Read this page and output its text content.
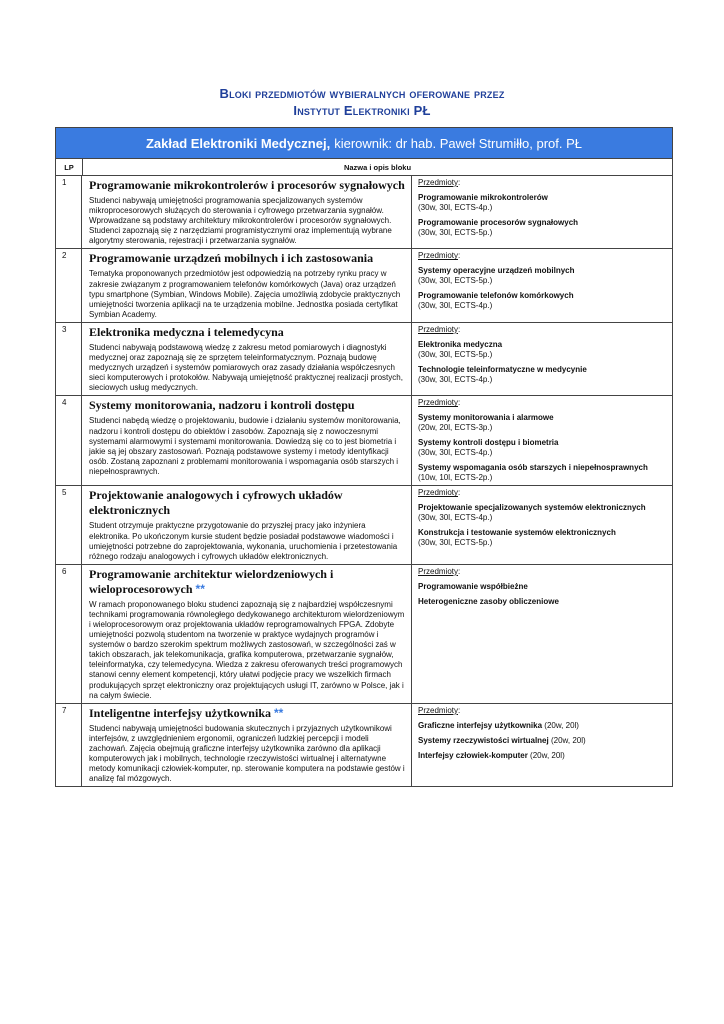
Bloki przedmiotów wybieralnych oferowane przez
Instytut Elektroniki PŁ
Zakład Elektroniki Medycznej, kierownik: dr hab. Paweł Strumiłło, prof. PŁ
LP	Nazwa i opis bloku
1	Programowanie mikrokontrolerów i procesorów sygnałowych
Studenci nabywają umiejętności programowania specjalizowanych systemów mikroprocesorowych służących do sterowania i cyfrowego przetwarzania sygnałów. Wprowadzane są podstawy architektury mikrokontrolerów i procesorów sygnałowych. Studenci zapoznają się z narzędziami programistycznymi oraz implementują wybrane algorytmy sterowania, rejestracji i przetwarzania sygnałów.
Przedmioty:
Programowanie mikrokontrolerów
(30w, 30l, ECTS-4p.)
Programowanie procesorów sygnałowych
(30w, 30l, ECTS-5p.)
2	Programowanie urządzeń mobilnych i ich zastosowania
Tematyka proponowanych przedmiotów jest odpowiedzią na potrzeby rynku pracy w zakresie związanym z programowaniem telefonów komórkowych (Java) oraz urządzeń typu smartphone (Symbian, Windows Mobile). Zajęcia umożliwią zdobycie praktycznych umiejętności tworzenia aplikacji na te urządzenia mobilne. Jednostka posiada certyfikat Symbian Academy.
Przedmioty:
Systemy operacyjne urządzeń mobilnych
(30w, 30l, ECTS-5p.)
Programowanie telefonów komórkowych
(30w, 30l, ECTS-4p.)
3	Elektronika medyczna i telemedycyna
Studenci nabywają podstawową wiedzę z zakresu metod pomiarowych i diagnostyki medycznej oraz zapoznają się ze sprzętem teleinformatycznym. Poznają budowę medycznych urządzeń i systemów pomiarowych oraz zasady działania współczesnych sieci komputerowych i protokołów. Nabywają umiejętność praktycznej realizacji prostych, sieciowych usług medycznych.
Przedmioty:
Elektronika medyczna
(30w, 30l, ECTS-5p.)
Technologie teleinformatyczne w medycynie
(30w, 30l, ECTS-4p.)
4	Systemy monitorowania, nadzoru i kontroli dostępu
Studenci nabędą wiedzę o projektowaniu, budowie i działaniu systemów monitorowania, nadzoru i kontroli dostępu do obiektów i zasobów. Zapoznają się z nowoczesnymi systemami alarmowymi i systemami monitorowania. Dowiedzą się co to jest biometria i jakie są jej obszary zastosowań. Poznają podstawowe systemy i metody identyfikacji osób. Zostaną zapoznani z problemami monitorowania i wspomagania osób starszych i niepełnosprawnych.
Przedmioty:
Systemy monitorowania i alarmowe
(20w, 20l, ECTS-3p.)
Systemy kontroli dostępu i biometria
(30w, 30l, ECTS-4p.)
Systemy wspomagania osób starszych i niepełnosprawnych
(10w, 10l, ECTS-2p.)
5	Projektowanie analogowych i cyfrowych układów elektronicznych
Student otrzymuje praktyczne przygotowanie do przyszłej pracy jako inżyniera elektronika. Po ukończonym kursie student będzie posiadał podstawowe wiadomości i umiejętności potrzebne do zaprojektowania, wykonania, uruchomienia i przetestowania różnego rodzaju analogowych i cyfrowych układów elektronicznych.
Przedmioty:
Projektowanie specjalizowanych systemów elektronicznych
(30w, 30l, ECTS-4p.)
Konstrukcja i testowanie systemów elektronicznych
(30w, 30l, ECTS-5p.)
6	Programowanie architektur wielordzeniowych i wieloprocesorowych **
W ramach proponowanego bloku studenci zapoznają się z najbardziej współczesnymi technikami programowania równoległego dedykowanego architekturom wielordzeniowym i wieloprocesorowym oraz projektowania układów reprogramowalnych FPGA. Zdobyte umiejętności pozwolą studentom na tworzenie w praktyce wydajnych programów i systemów o bardzo szerokim spektrum możliwych zastosowań, w szczególności zaś w takich obszarach, jak telekomunikacja, grafika komputerowa, przetwarzanie sygnałów, teleinformatyka, czy telemedycyna. Wiedza z zakresu oferowanych treści programowych stanowi cenny element kompetencji, który ułatwi podjęcie pracy we wszelkich firmach produkujących sprzęt elektroniczny oraz projektujących usługi IT, zarówno w Polsce, jak i na całym świecie.
Przedmioty:
Programowanie współbieżne
Heterogeniczne zasoby obliczeniowe
7	Inteligentne interfejsy użytkownika **
Studenci nabywają umiejętności budowania skutecznych i przyjaznych użytkownikowi interfejsów, z uwzględnieniem ergonomii, ograniczeń ludzkiej percepcji i modeli zachowań. Zajęcia obejmują graficzne interfejsy użytkownika zarówno dla aplikacji komputerowych jak i mobilnych, technologie rzeczywistości wirtualnej i alternatywne metody komunikacji człowiek-komputer, np. sterowanie komputera na podstawie gestów i analizę fal mózgowych.
Przedmioty:
Graficzne interfejsy użytkownika (20w, 20l)
Systemy rzeczywistości wirtualnej (20w, 20l)
Interfejsy człowiek-komputer (20w, 20l)
